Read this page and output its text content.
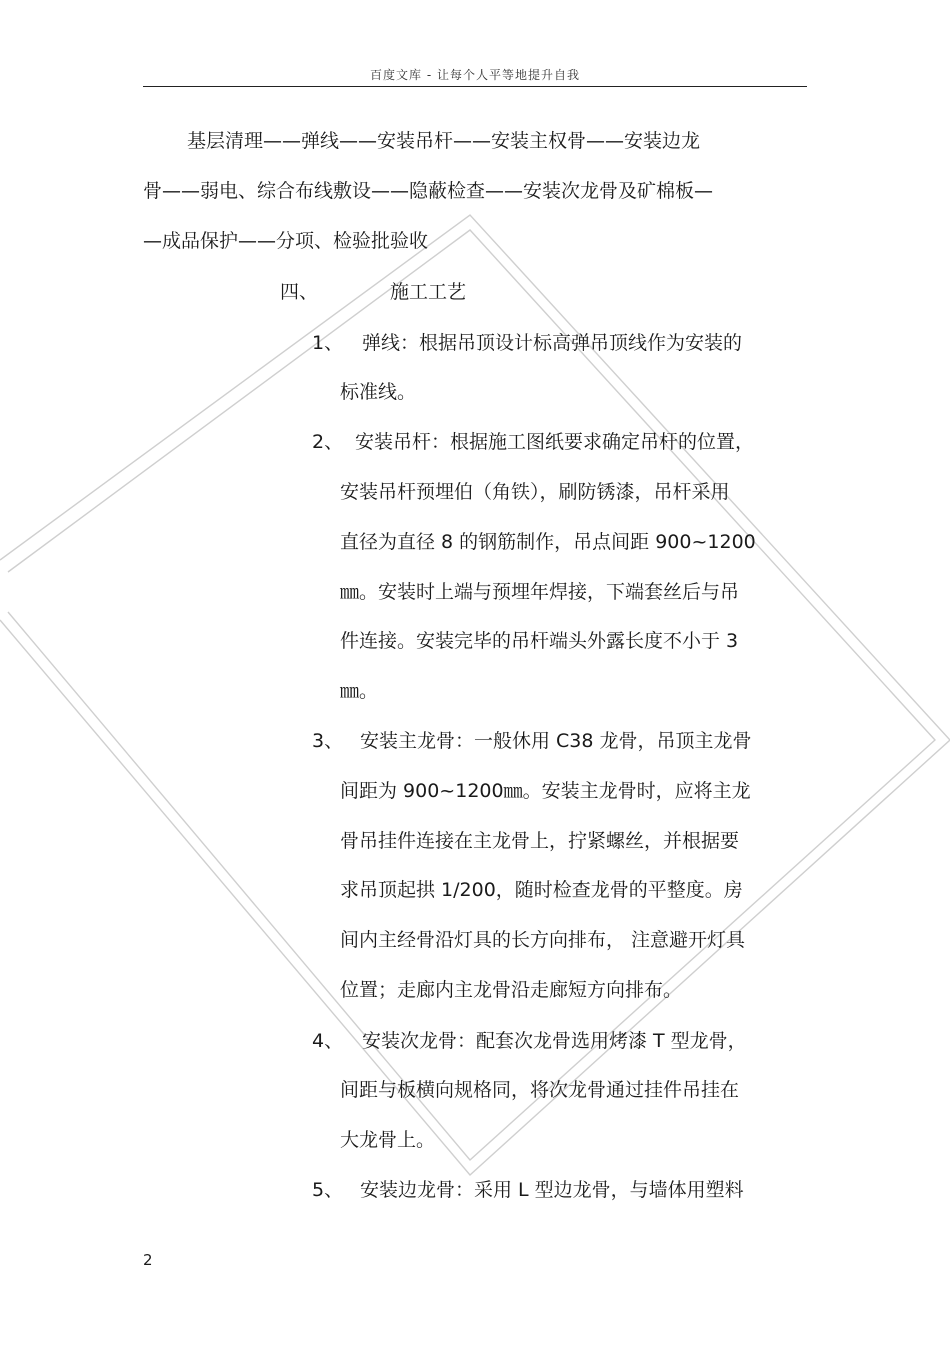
百度文库 - 让每个人平等地提升自我
基层清理——弹线——安装吊杆——安装主权骨——安装边龙
骨——弱电、综合布线敷设——隐蔽检查——安装次龙骨及矿棉板—
—成品保护——分项、检验批验收
四、	施工工艺
1、 弹线：根据吊顶设计标高弹吊顶线作为安装的
标准线。
2、 安装吊杆：根据施工图纸要求确定吊杆的位置，
安装吊杆预埋伯（角铁），刷防锈漆，吊杆采用
直径为直径 8 的钢筋制作，吊点间距 900~1200
㎜。安装时上端与预埋年焊接，下端套丝后与吊
件连接。安装完毕的吊杆端头外露长度不小于 3
㎜。
3、 安装主龙骨：一般休用 C38 龙骨，吊顶主龙骨
间距为 900~1200㎜。安装主龙骨时，应将主龙
骨吊挂件连接在主龙骨上，拧紧螺丝，并根据要
求吊顶起拱 1/200，随时检查龙骨的平整度。房
间内主经骨沿灯具的长方向排布， 注意避开灯具
位置；走廊内主龙骨沿走廊短方向排布。
4、 安装次龙骨：配套次龙骨选用烤漆 T 型龙骨，
间距与板横向规格同，将次龙骨通过挂件吊挂在
大龙骨上。
5、 安装边龙骨：采用 L 型边龙骨，与墙体用塑料
2
